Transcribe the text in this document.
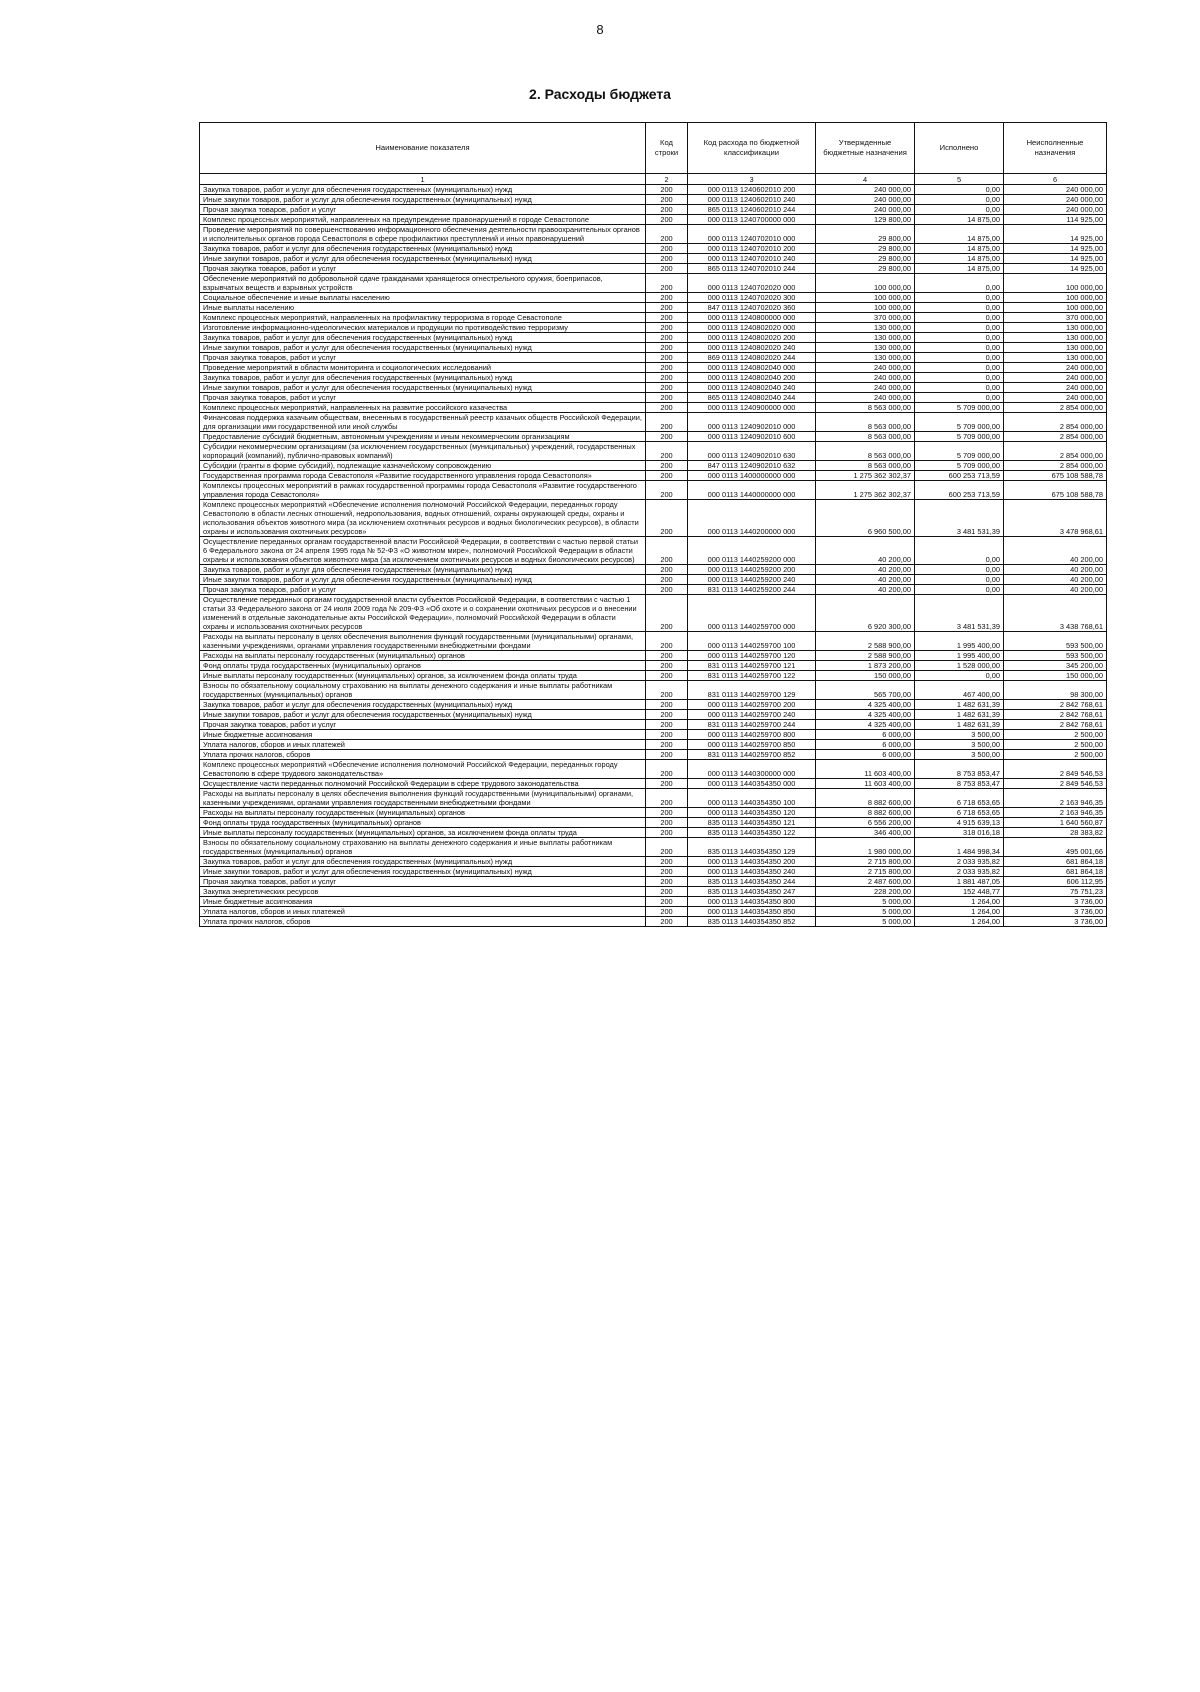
8
2. Расходы бюджета
Наименование показателя	Код строки	Код расхода по бюджетной классификации	Утвержденные бюджетные назначения	Исполнено	Неисполненные назначения
1	2	3	4	5	6
Закупка товаров, работ и услуг для обеспечения государственных (муниципальных) нужд	200	000 0113 1240602010 200	240 000,00	0,00	240 000,00
Иные закупки товаров, работ и услуг для обеспечения государственных (муниципальных) нужд	200	000 0113 1240602010 240	240 000,00	0,00	240 000,00
Прочая закупка товаров, работ и услуг	200	865 0113 1240602010 244	240 000,00	0,00	240 000,00
Комплекс процессных мероприятий, направленных на предупреждение правонарушений в городе Севастополе	200	000 0113 1240700000 000	129 800,00	14 875,00	114 925,00
Проведение мероприятий по совершенствованию информационного обеспечения деятельности правоохранительных органов и исполнительных органов города Севастополя в сфере профилактики преступлений и иных правонарушений	200	000 0113 1240702010 000	29 800,00	14 875,00	14 925,00
Закупка товаров, работ и услуг для обеспечения государственных (муниципальных) нужд	200	000 0113 1240702010 200	29 800,00	14 875,00	14 925,00
Иные закупки товаров, работ и услуг для обеспечения государственных (муниципальных) нужд	200	000 0113 1240702010 240	29 800,00	14 875,00	14 925,00
Прочая закупка товаров, работ и услуг	200	865 0113 1240702010 244	29 800,00	14 875,00	14 925,00
Обеспечение мероприятий по добровольной сдаче гражданами хранящегося огнестрельного оружия, боеприпасов, взрывчатых веществ и взрывных устройств	200	000 0113 1240702020 000	100 000,00	0,00	100 000,00
Социальное обеспечение и иные выплаты населению	200	000 0113 1240702020 300	100 000,00	0,00	100 000,00
Иные выплаты населению	200	847 0113 1240702020 360	100 000,00	0,00	100 000,00
Комплекс процессных мероприятий, направленных на профилактику терроризма в городе Севастополе	200	000 0113 1240800000 000	370 000,00	0,00	370 000,00
Изготовление информационно-идеологических материалов и продукции по противодействию терроризму	200	000 0113 1240802020 000	130 000,00	0,00	130 000,00
Закупка товаров, работ и услуг для обеспечения государственных (муниципальных) нужд	200	000 0113 1240802020 200	130 000,00	0,00	130 000,00
Иные закупки товаров, работ и услуг для обеспечения государственных (муниципальных) нужд	200	000 0113 1240802020 240	130 000,00	0,00	130 000,00
Прочая закупка товаров, работ и услуг	200	869 0113 1240802020 244	130 000,00	0,00	130 000,00
Проведение мероприятий в области мониторинга и социологических исследований	200	000 0113 1240802040 000	240 000,00	0,00	240 000,00
Закупка товаров, работ и услуг для обеспечения государственных (муниципальных) нужд	200	000 0113 1240802040 200	240 000,00	0,00	240 000,00
Иные закупки товаров, работ и услуг для обеспечения государственных (муниципальных) нужд	200	000 0113 1240802040 240	240 000,00	0,00	240 000,00
Прочая закупка товаров, работ и услуг	200	865 0113 1240802040 244	240 000,00	0,00	240 000,00
Комплекс процессных мероприятий, направленных на развитие российского казачества	200	000 0113 1240900000 000	8 563 000,00	5 709 000,00	2 854 000,00
Финансовая поддержка казачьим обществам, внесенным в государственный реестр казачьих обществ Российской Федерации, для организации ими государственной или иной службы	200	000 0113 1240902010 000	8 563 000,00	5 709 000,00	2 854 000,00
Предоставление субсидий бюджетным, автономным учреждениям и иным некоммерческим организациям	200	000 0113 1240902010 600	8 563 000,00	5 709 000,00	2 854 000,00
Субсидии некоммерческим организациям (за исключением государственных (муниципальных) учреждений, государственных корпораций (компаний), публично-правовых компаний)	200	000 0113 1240902010 630	8 563 000,00	5 709 000,00	2 854 000,00
Субсидии (гранты в форме субсидий), подлежащие казначейскому сопровождению	200	847 0113 1240902010 632	8 563 000,00	5 709 000,00	2 854 000,00
Государственная программа города Севастополя «Развитие государственного управления города Севастополя»	200	000 0113 1400000000 000	1 275 362 302,37	600 253 713,59	675 108 588,78
Комплексы процессных мероприятий в рамках государственной программы города Севастополя «Развитие государственного управления города Севастополя»	200	000 0113 1440000000 000	1 275 362 302,37	600 253 713,59	675 108 588,78
Комплекс процессных мероприятий «Обеспечение исполнения полномочий Российской Федерации, переданных городу Севастополю в области лесных отношений, недропользования, водных отношений, охраны окружающей среды, охраны и использования объектов животного мира (за исключением охотничьих ресурсов и водных биологических ресурсов), в области охраны и использования охотничьих ресурсов»	200	000 0113 1440200000 000	6 960 500,00	3 481 531,39	3 478 968,61
Осуществление переданных органам государственной власти Российской Федерации, в соответствии с частью первой статьи 6 Федерального закона от 24 апреля 1995 года № 52-ФЗ «О животном мире», полномочий Российской Федерации в области охраны и использования объектов животного мира (за исключением охотничьих ресурсов и водных биологических ресурсов)	200	000 0113 1440259200 000	40 200,00	0,00	40 200,00
Закупка товаров, работ и услуг для обеспечения государственных (муниципальных) нужд	200	000 0113 1440259200 200	40 200,00	0,00	40 200,00
Иные закупки товаров, работ и услуг для обеспечения государственных (муниципальных) нужд	200	000 0113 1440259200 240	40 200,00	0,00	40 200,00
Прочая закупка товаров, работ и услуг	200	831 0113 1440259200 244	40 200,00	0,00	40 200,00
Осуществление переданных органам государственной власти субъектов Российской Федерации, в соответствии с частью 1 статьи 33 Федерального закона от 24 июля 2009 года № 209-ФЗ «Об охоте и о сохранении охотничьих ресурсов и о внесении изменений в отдельные законодательные акты Российской Федерации», полномочий Российской Федерации в области охраны и использования охотничьих ресурсов	200	000 0113 1440259700 000	6 920 300,00	3 481 531,39	3 438 768,61
Расходы на выплаты персоналу в целях обеспечения выполнения функций государственными (муниципальными) органами, казенными учреждениями, органами управления государственными внебюджетными фондами	200	000 0113 1440259700 100	2 588 900,00	1 995 400,00	593 500,00
Расходы на выплаты персоналу государственных (муниципальных) органов	200	000 0113 1440259700 120	2 588 900,00	1 995 400,00	593 500,00
Фонд оплаты труда государственных (муниципальных) органов	200	831 0113 1440259700 121	1 873 200,00	1 528 000,00	345 200,00
Иные выплаты персоналу государственных (муниципальных) органов, за исключением фонда оплаты труда	200	831 0113 1440259700 122	150 000,00	0,00	150 000,00
Взносы по обязательному социальному страхованию на выплаты денежного содержания и иные выплаты работникам государственных (муниципальных) органов	200	831 0113 1440259700 129	565 700,00	467 400,00	98 300,00
Закупка товаров, работ и услуг для обеспечения государственных (муниципальных) нужд	200	000 0113 1440259700 200	4 325 400,00	1 482 631,39	2 842 768,61
Иные закупки товаров, работ и услуг для обеспечения государственных (муниципальных) нужд	200	000 0113 1440259700 240	4 325 400,00	1 482 631,39	2 842 768,61
Прочая закупка товаров, работ и услуг	200	831 0113 1440259700 244	4 325 400,00	1 482 631,39	2 842 768,61
Иные бюджетные ассигнования	200	000 0113 1440259700 800	6 000,00	3 500,00	2 500,00
Уплата налогов, сборов и иных платежей	200	000 0113 1440259700 850	6 000,00	3 500,00	2 500,00
Уплата прочих налогов, сборов	200	831 0113 1440259700 852	6 000,00	3 500,00	2 500,00
Комплекс процессных мероприятий «Обеспечение исполнения полномочий Российской Федерации, переданных городу Севастополю в сфере трудового законодательства»	200	000 0113 1440300000 000	11 603 400,00	8 753 853,47	2 849 546,53
Осуществление части переданных полномочий Российской Федерации в сфере трудового законодательства	200	000 0113 1440354350 000	11 603 400,00	8 753 853,47	2 849 546,53
Расходы на выплаты персоналу в целях обеспечения выполнения функций государственными (муниципальными) органами, казенными учреждениями, органами управления государственными внебюджетными фондами	200	000 0113 1440354350 100	8 882 600,00	6 718 653,65	2 163 946,35
Расходы на выплаты персоналу государственных (муниципальных) органов	200	000 0113 1440354350 120	8 882 600,00	6 718 653,65	2 163 946,35
Фонд оплаты труда государственных (муниципальных) органов	200	835 0113 1440354350 121	6 556 200,00	4 915 639,13	1 640 560,87
Иные выплаты персоналу государственных (муниципальных) органов, за исключением фонда оплаты труда	200	835 0113 1440354350 122	346 400,00	318 016,18	28 383,82
Взносы по обязательному социальному страхованию на выплаты денежного содержания и иные выплаты работникам государственных (муниципальных) органов	200	835 0113 1440354350 129	1 980 000,00	1 484 998,34	495 001,66
Закупка товаров, работ и услуг для обеспечения государственных (муниципальных) нужд	200	000 0113 1440354350 200	2 715 800,00	2 033 935,82	681 864,18
Иные закупки товаров, работ и услуг для обеспечения государственных (муниципальных) нужд	200	000 0113 1440354350 240	2 715 800,00	2 033 935,82	681 864,18
Прочая закупка товаров, работ и услуг	200	835 0113 1440354350 244	2 487 600,00	1 881 487,05	606 112,95
Закупка энергетических ресурсов	200	835 0113 1440354350 247	228 200,00	152 448,77	75 751,23
Иные бюджетные ассигнования	200	000 0113 1440354350 800	5 000,00	1 264,00	3 736,00
Уплата налогов, сборов и иных платежей	200	000 0113 1440354350 850	5 000,00	1 264,00	3 736,00
Уплата прочих налогов, сборов	200	835 0113 1440354350 852	5 000,00	1 264,00	3 736,00
